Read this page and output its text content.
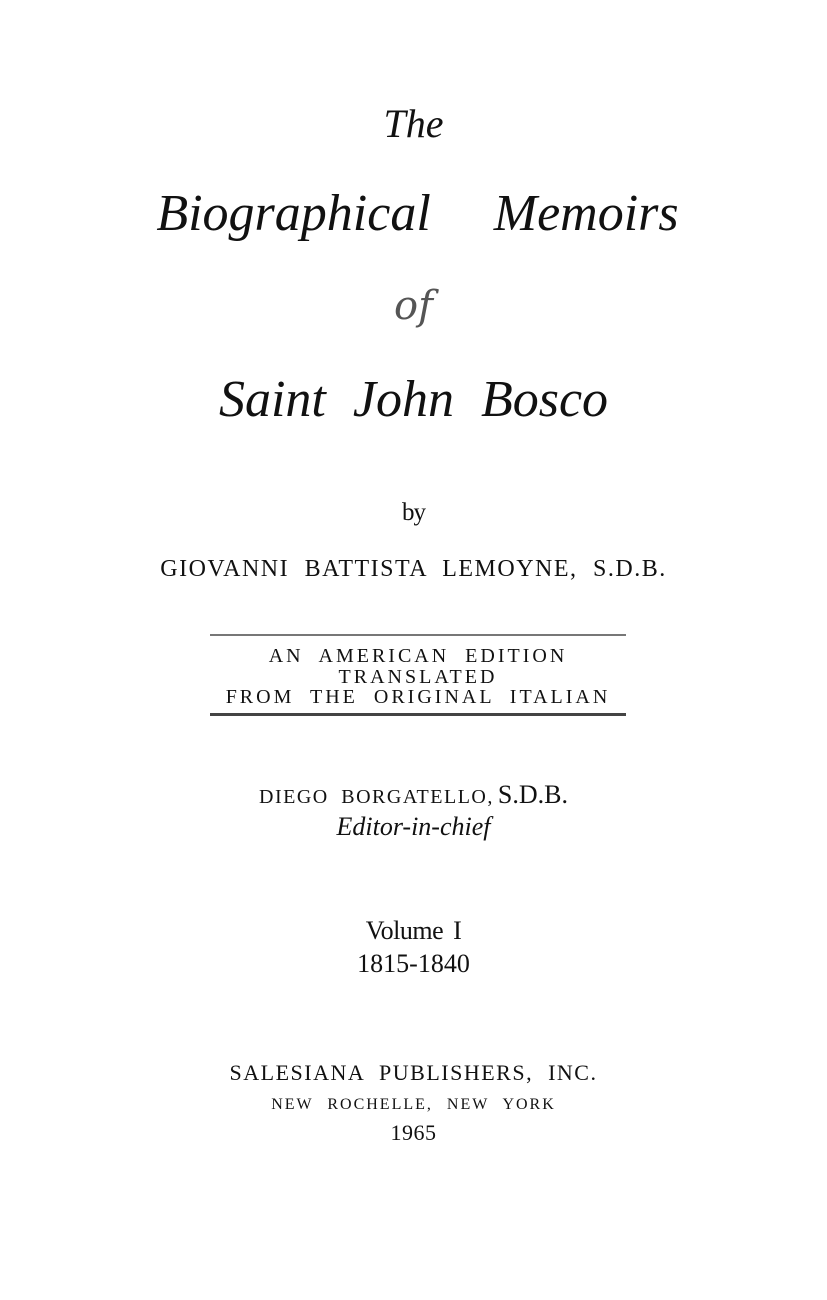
The
Biographical Memoirs
of
Saint John Bosco
by
GIOVANNI BATTISTA LEMOYNE, S.D.B.
AN AMERICAN EDITION
TRANSLATED
FROM THE ORIGINAL ITALIAN
DIEGO BORGATELLO, S.D.B.
Editor-in-chief
Volume I
1815-1840
SALESIANA PUBLISHERS, INC.
NEW ROCHELLE, NEW YORK
1965
